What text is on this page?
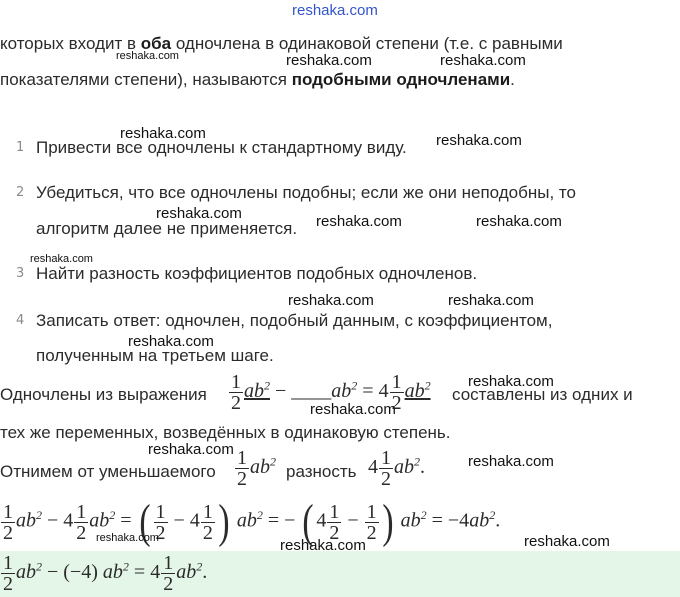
reshaka.com
которых входит в оба одночлена в одинаковой степени (т.е. с равными
показателями степени), называются подобными одночленами.
1 Привести все одночлены к стандартному виду.
2 Убедиться, что все одночлены подобны; если же они неподобны, то
алгоритм далее не применяется.
3 Найти разность коэффициентов подобных одночленов.
4 Записать ответ: одночлен, подобный данным, с коэффициентом,
полученным на третьем шаге.
Одночлены из выражения $\frac{1}{2} ab^2$ − $\_\_\_\_ab^2 = 4 \frac{1}{2} ab^2$ составлены из одних и
тех же переменных, возведённых в одинаковую степень.
Отнимем от уменьшаемого $\frac{1}{2} ab^2$
разность $4 \frac{1}{2} ab^2$.
$\frac{1}{2} ab^2 - 4 \frac{1}{2} ab^2$ = ( $\frac{1}{2} - 4 \frac{1}{2}$ ) $ab^2$ = − ( $4 \frac{1}{2} - \frac{1}{2}$ ) $ab^2 = -4ab^2$.
$\frac{1}{2} ab^2 - (-4) ab^2 = 4 \frac{1}{2} ab^2$.
reshaka.com	reshaka.com	reshaka.com
reshaka.com	reshaka.com
reshaka.com	reshaka.com	reshaka.com
reshaka.com
reshaka.com	reshaka.com
reshaka.com
reshaka.com
reshaka.com
reshaka.com
reshaka.com
reshaka.com	reshaka.com	reshaka.com
